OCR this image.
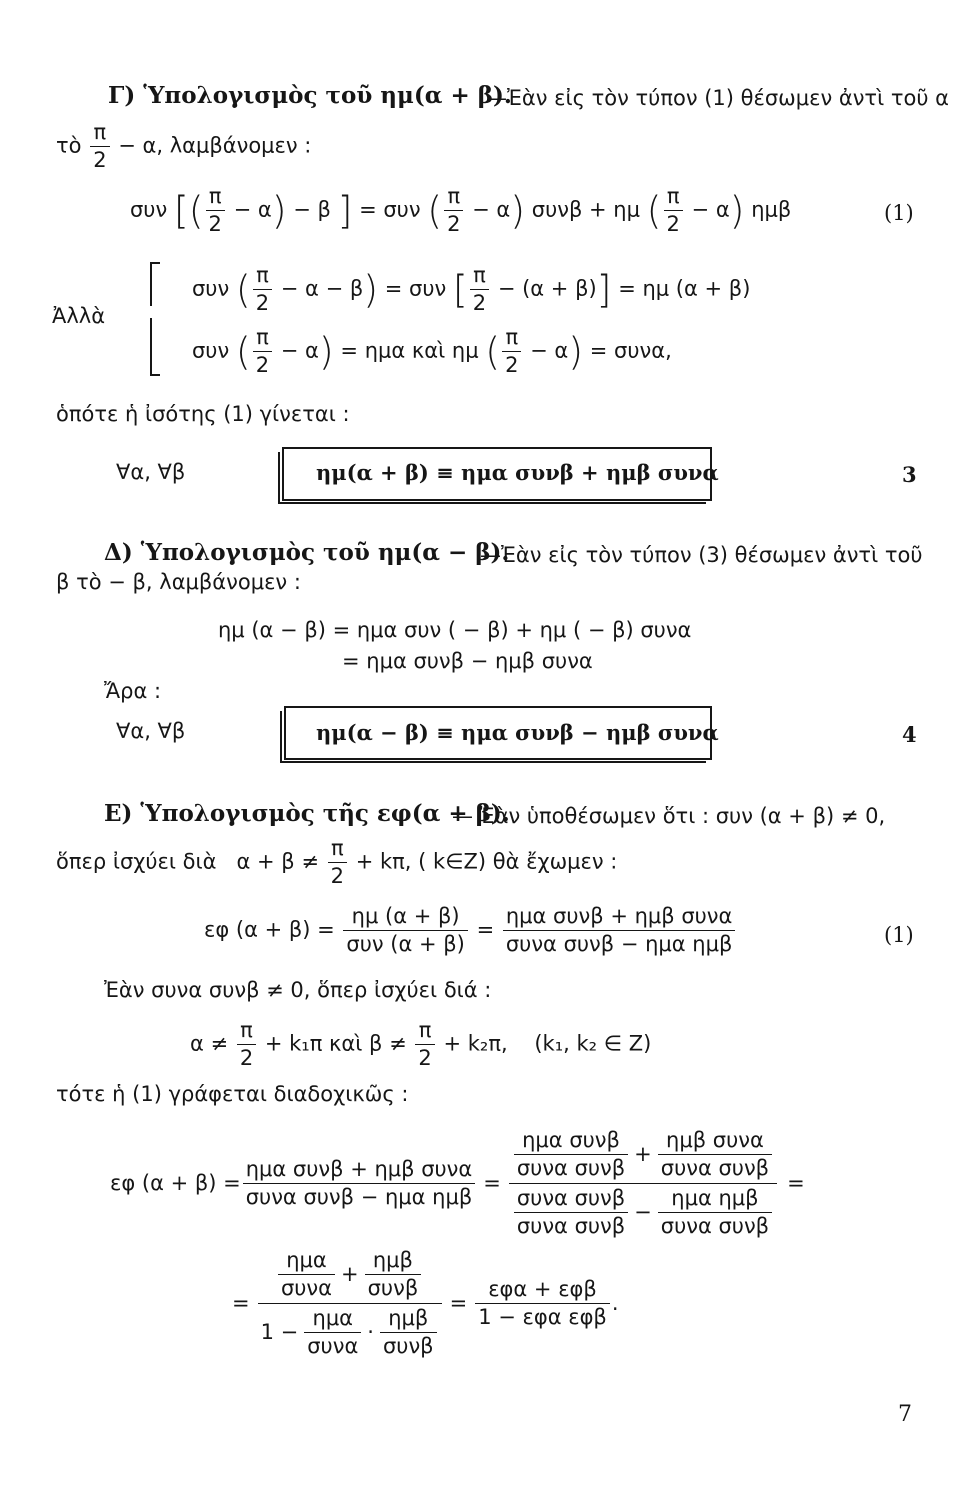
Γ) Ὑπολογισμὸς τοῦ ημ(α + β).
—Ἐὰν εἰς τὸν τύπον (1) θέσωμεν ἀντὶ τοῦ α
τὸ $\frac{\pi}{2} - \alpha$, λαμβάνομεν :
συν [( $\frac{\pi}{2} - \alpha) - \beta$ ] = συν ( $\frac{\pi}{2} - \alpha$) συνβ + ημ ( $\frac{\pi}{2} - \alpha$) ημβ	(1)
Ἀλλὰ
συν ( $\frac{\pi}{2} - \alpha - \beta) = \sigma\upsilon\nu$ [ $\frac{\pi}{2} - (\alpha + \beta)] = \eta\mu$ (α + β)
συν ( $\frac{\pi}{2} - \alpha) = \eta\mu\alpha$ καὶ ημ ( $\frac{\pi}{2} - \alpha) = \sigma\upsilon\nu\alpha$,
ὁπότε ἡ ἰσότης (1) γίνεται :
∀α, ∀β	ημ(α + β) ≡ ημα συνβ + ημβ συνα	3
Δ) Ὑπολογισμὸς τοῦ ημ(α − β).
—Ἐὰν εἰς τὸν τύπον (3) θέσωμεν ἀντὶ τοῦ
β τὸ − β, λαμβάνομεν :
ημ (α − β) = ημα συν ( − β) + ημ ( − β) συνα
= ημα συνβ − ημβ συνα
Ἄρα :
∀α, ∀β	ημ(α − β) ≡ ημα συνβ − ημβ συνα	4
Ε) Ὑπολογισμὸς τῆς εφ(α + β).
— Ἐὰν ὑποθέσωμεν ὅτι : συν (α + β) ≠ 0,
ὅπερ ἰσχύει διὰ $\alpha + \beta \ne \frac{\pi}{2} + k\pi$, ( k∈Z) θὰ ἔχωμεν :
εφ $(\alpha + \beta) = \frac{\eta\mu (\alpha + \beta)}{\text{συν (α + β)}} = \frac{\text{ημα συνβ + ημβ συνα}}{\text{συνα συνβ − ημα ημβ}}$	(1)
Ἐὰν συνα συνβ ≠ 0, ὅπερ ἰσχύει διά :
$\alpha \ne \frac{\pi}{2} + k_1\pi$ καὶ $\beta \ne \frac{\pi}{2} + k_2\pi$, (k₁, k₂ ∈ Z)
τότε ἡ (1) γράφεται διαδοχικῶς :
εφ $(\alpha + \beta) = \frac{\text{ημα συνβ + ημβ συνα}}{\text{συνα συνβ − ημα ημβ}} = \frac{\frac{\text{ημα συνβ}}{\text{συνα συνβ}} + \frac{\text{ημβ συνα}}{\text{συνα συνβ}}}{\frac{\text{συνα συνβ}}{\text{συνα συνβ}} - \frac{\text{ημα ημβ}}{\text{συνα συνβ}}}$ =
= $\frac{\frac{\text{ημα}}{\text{συνα}} + \frac{\text{ημβ}}{\text{συνβ}}}{1 - \frac{\text{ημα}}{\text{συνα}} \cdot \frac{\text{ημβ}}{\text{συνβ}}} = \frac{\text{εφα + εφβ}}{\text{1 − εφα εφβ}}$ .
7
